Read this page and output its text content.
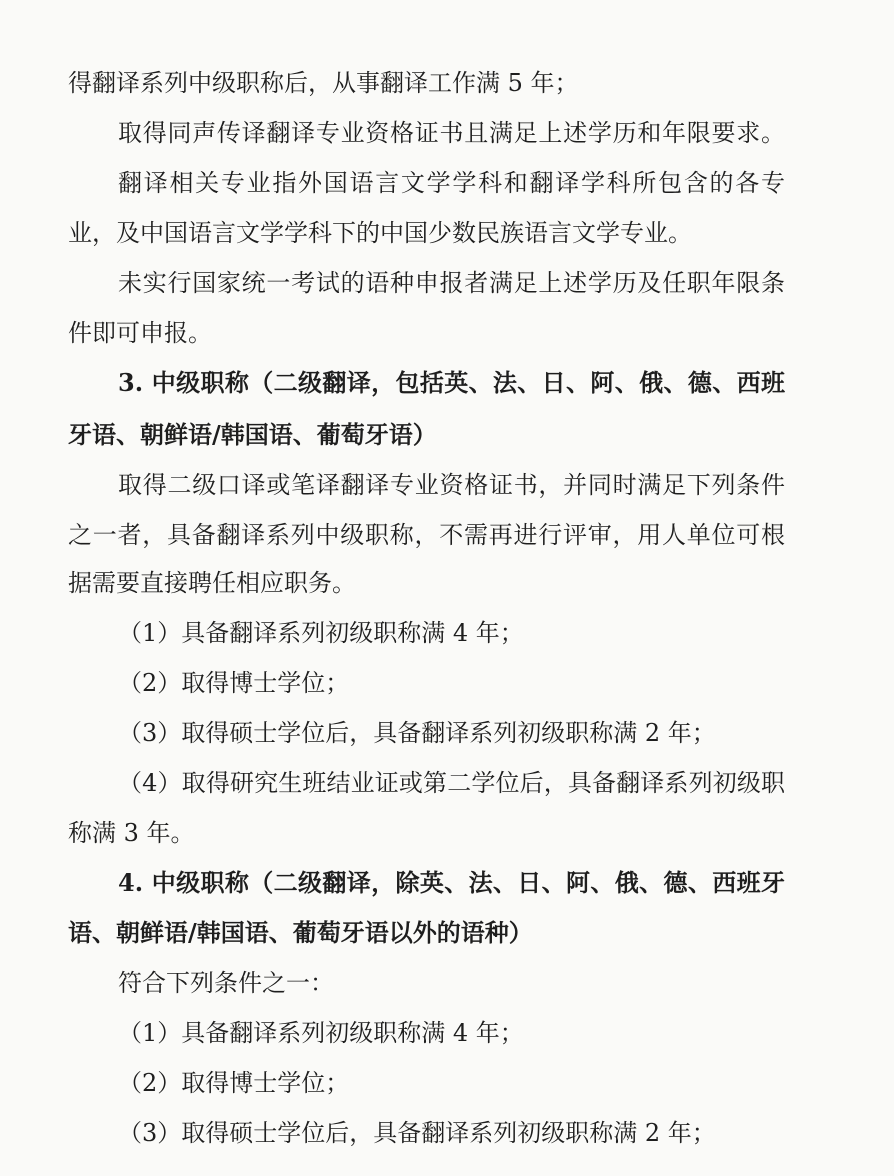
得翻译系列中级职称后，从事翻译工作满 5 年；
取得同声传译翻译专业资格证书且满足上述学历和年限要求。
翻译相关专业指外国语言文学学科和翻译学科所包含的各专
业，及中国语言文学学科下的中国少数民族语言文学专业。
未实行国家统一考试的语种申报者满足上述学历及任职年限条
件即可申报。
3. 中级职称（二级翻译，包括英、法、日、阿、俄、德、西班
牙语、朝鲜语/韩国语、葡萄牙语）
取得二级口译或笔译翻译专业资格证书，并同时满足下列条件
之一者，具备翻译系列中级职称，不需再进行评审，用人单位可根
据需要直接聘任相应职务。
（1）具备翻译系列初级职称满 4 年；
（2）取得博士学位；
（3）取得硕士学位后，具备翻译系列初级职称满 2 年；
（4）取得研究生班结业证或第二学位后，具备翻译系列初级职
称满 3 年。
4. 中级职称（二级翻译，除英、法、日、阿、俄、德、西班牙
语、朝鲜语/韩国语、葡萄牙语以外的语种）
符合下列条件之一：
（1）具备翻译系列初级职称满 4 年；
（2）取得博士学位；
（3）取得硕士学位后，具备翻译系列初级职称满 2 年；
